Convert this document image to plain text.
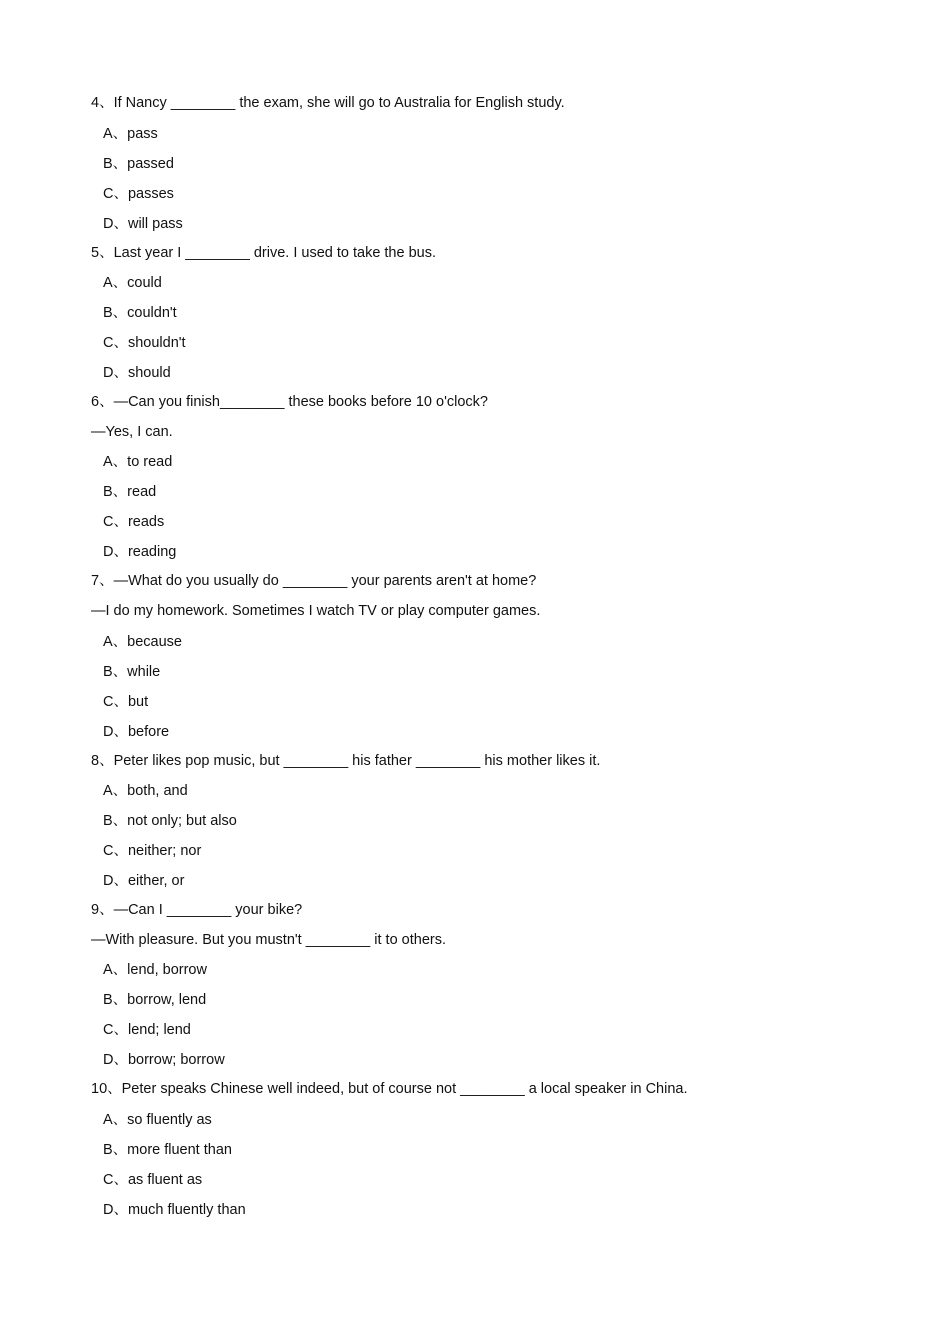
4、If Nancy ________ the exam, she will go to Australia for English study.
A、pass
B、passed
C、passes
D、will pass
5、Last year I ________ drive. I used to take the bus.
A、could
B、couldn't
C、shouldn't
D、should
6、—Can you finish________ these books before 10 o'clock?
—Yes, I can.
A、to read
B、read
C、reads
D、reading
7、—What do you usually do ________ your parents aren't at home?
—I do my homework. Sometimes I watch TV or play computer games.
A、because
B、while
C、but
D、before
8、Peter likes pop music, but ________ his father ________ his mother likes it.
A、both, and
B、not only; but also
C、neither; nor
D、either, or
9、—Can I ________ your bike?
—With pleasure. But you mustn't ________ it to others.
A、lend, borrow
B、borrow, lend
C、lend; lend
D、borrow; borrow
10、Peter speaks Chinese well indeed, but of course not ________ a local speaker in China.
A、so fluently as
B、more fluent than
C、as fluent as
D、much fluently than
